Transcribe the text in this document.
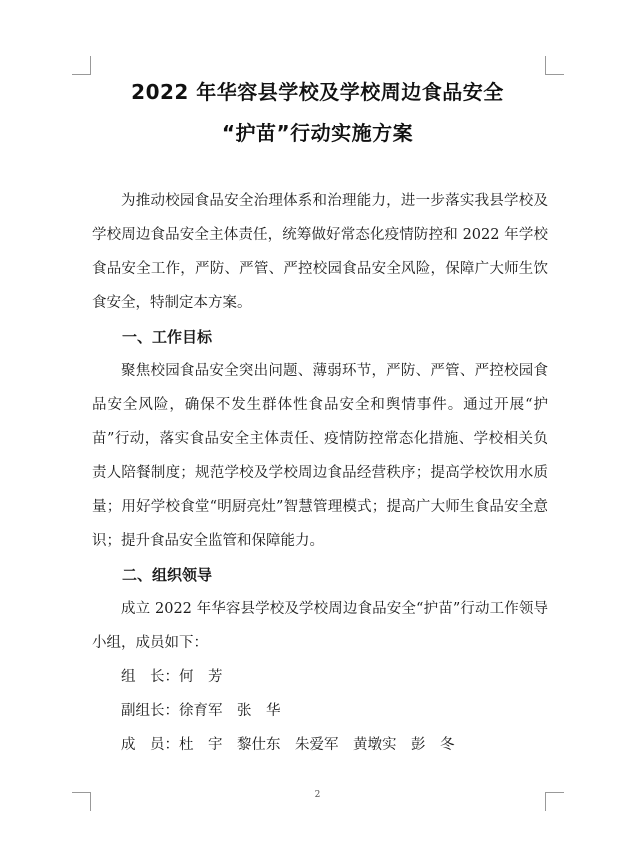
2022 年华容县学校及学校周边食品安全
“护苗”行动实施方案

为推动校园食品安全治理体系和治理能力，进一步落实我县学校及学校周边食品安全主体责任，统筹做好常态化疫情防控和 2022 年学校食品安全工作，严防、严管、严控校园食品安全风险，保障广大师生饮食安全，特制定本方案。

一、工作目标

聚焦校园食品安全突出问题、薄弱环节，严防、严管、严控校园食品安全风险，确保不发生群体性食品安全和舆情事件。通过开展“护苗”行动，落实食品安全主体责任、疫情防控常态化措施、学校相关负责人陪餐制度；规范学校及学校周边食品经营秩序；提高学校饮用水质量；用好学校食堂“明厨亮灶”智慧管理模式；提高广大师生食品安全意识；提升食品安全监管和保障能力。

二、组织领导

成立 2022 年华容县学校及学校周边食品安全“护苗”行动工作领导小组，成员如下：

组　长：何　芳

副组长：徐育军　张　华

成　员：杜　宇　黎仕东　朱爱军　黄墩实　彭　冬

2
